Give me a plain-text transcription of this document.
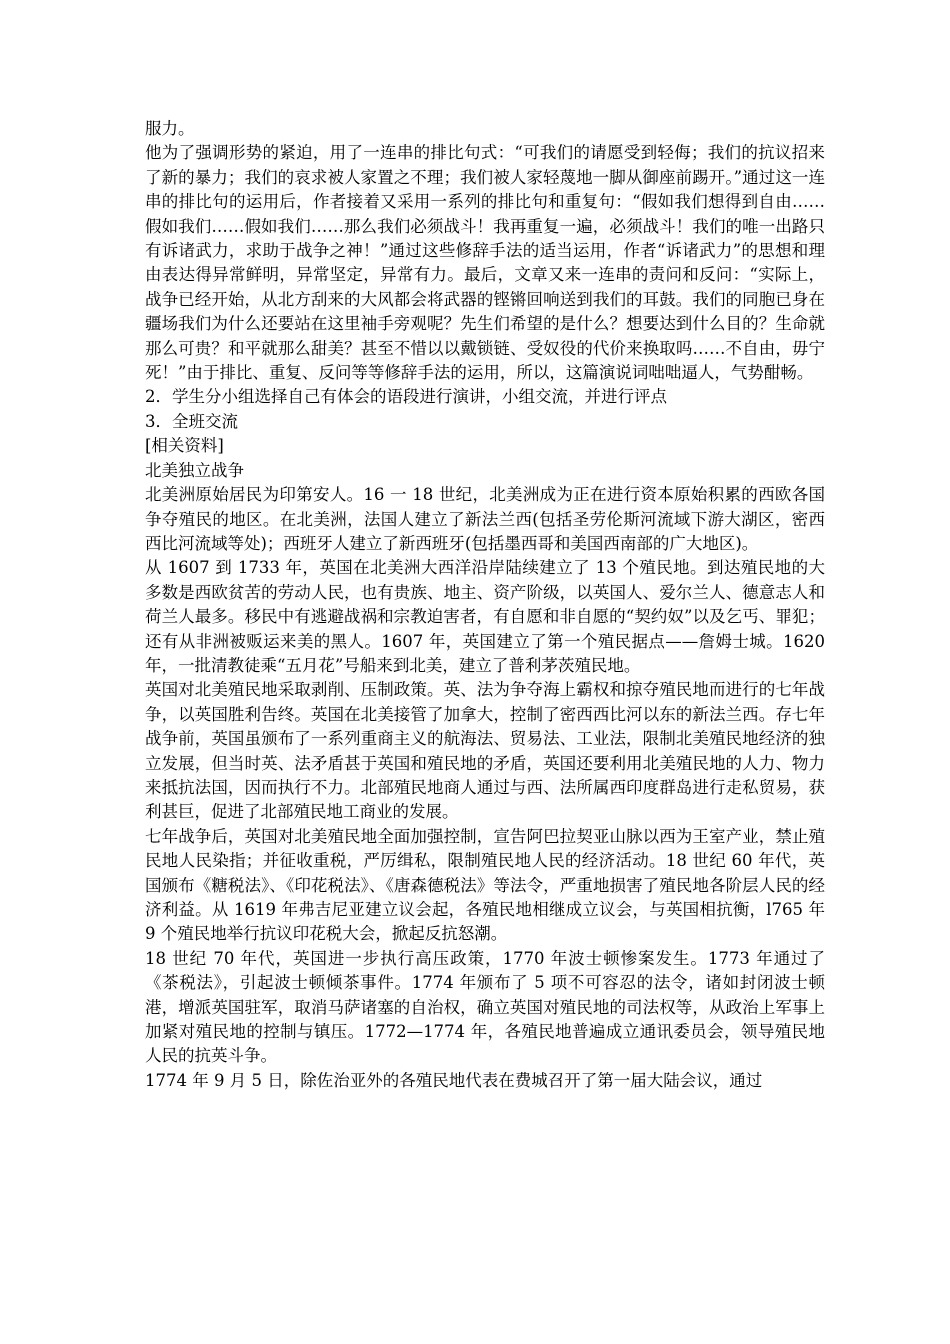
服力。

他为了强调形势的紧迫，用了一连串的排比句式：“可我们的请愿受到轻侮；我们的抗议招来了新的暴力；我们的哀求被人家置之不理；我们被人家轻蔑地一脚从御座前踢开。”通过这一连串的排比句的运用后，作者接着又采用一系列的排比句和重复句：“假如我们想得到自由……假如我们……假如我们……那么我们必须战斗！我再重复一遍，必须战斗！我们的唯一出路只有诉诸武力，求助于战争之神！”通过这些修辞手法的适当运用，作者“诉诸武力”的思想和理由表达得异常鲜明，异常坚定，异常有力。最后，文章又来一连串的责问和反问：“实际上，战争已经开始，从北方刮来的大风都会将武器的铿锵回响送到我们的耳鼓。我们的同胞已身在疆场我们为什么还要站在这里袖手旁观呢？先生们希望的是什么？想要达到什么目的？生命就那么可贵？和平就那么甜美？甚至不惜以以戴锁链、受奴役的代价来换取吗……不自由，毋宁死！”由于排比、重复、反问等等修辞手法的运用，所以，这篇演说词咄咄逼人，气势酣畅。

2．学生分小组选择自己有体会的语段进行演讲，小组交流，并进行评点

3．全班交流

[相关资料]

北美独立战争

北美洲原始居民为印第安人。16 一 18 世纪，北美洲成为正在进行资本原始积累的西欧各国争夺殖民的地区。在北美洲，法国人建立了新法兰西(包括圣劳伦斯河流域下游大湖区，密西西比河流域等处)；西班牙人建立了新西班牙(包括墨西哥和美国西南部的广大地区)。

从 1607 到 1733 年，英国在北美洲大西洋沿岸陆续建立了 13 个殖民地。到达殖民地的大多数是西欧贫苦的劳动人民，也有贵族、地主、资产阶级，以英国人、爱尔兰人、德意志人和荷兰人最多。移民中有逃避战祸和宗教迫害者，有自愿和非自愿的“契约奴”以及乞丐、罪犯；还有从非洲被贩运来美的黑人。1607 年，英国建立了第一个殖民据点——詹姆士城。1620 年，一批清教徒乘“五月花”号船来到北美，建立了普利茅茨殖民地。

英国对北美殖民地采取剥削、压制政策。英、法为争夺海上霸权和掠夺殖民地而进行的七年战争，以英国胜利告终。英国在北美接管了加拿大，控制了密西西比河以东的新法兰西。存七年战争前，英国虽颁布了一系列重商主义的航海法、贸易法、工业法，限制北美殖民地经济的独立发展，但当时英、法矛盾甚于英国和殖民地的矛盾，英国还要利用北美殖民地的人力、物力来抵抗法国，因而执行不力。北部殖民地商人通过与西、法所属西印度群岛进行走私贸易，获利甚巨，促进了北部殖民地工商业的发展。

七年战争后，英国对北美殖民地全面加强控制，宣告阿巴拉契亚山脉以西为王室产业，禁止殖民地人民染指；并征收重税，严厉缉私，限制殖民地人民的经济活动。18 世纪 60 年代，英国颁布《糖税法》、《印花税法》、《唐森德税法》等法令，严重地损害了殖民地各阶层人民的经济利益。从 1619 年弗吉尼亚建立议会起，各殖民地相继成立议会，与英国相抗衡，l765 年 9 个殖民地举行抗议印花税大会，掀起反抗怒潮。

18 世纪 70 年代，英国进一步执行高压政策，1770 年波士顿惨案发生。1773 年通过了《茶税法》，引起波士顿倾茶事件。1774 年颁布了 5 项不可容忍的法令，诸如封闭波士顿港，增派英国驻军，取消马萨诸塞的自治权，确立英国对殖民地的司法权等，从政治上军事上加紧对殖民地的控制与镇压。1772—1774 年，各殖民地普遍成立通讯委员会，领导殖民地人民的抗英斗争。

1774 年 9 月 5 日，除佐治亚外的各殖民地代表在费城召开了第一届大陆会议，通过
